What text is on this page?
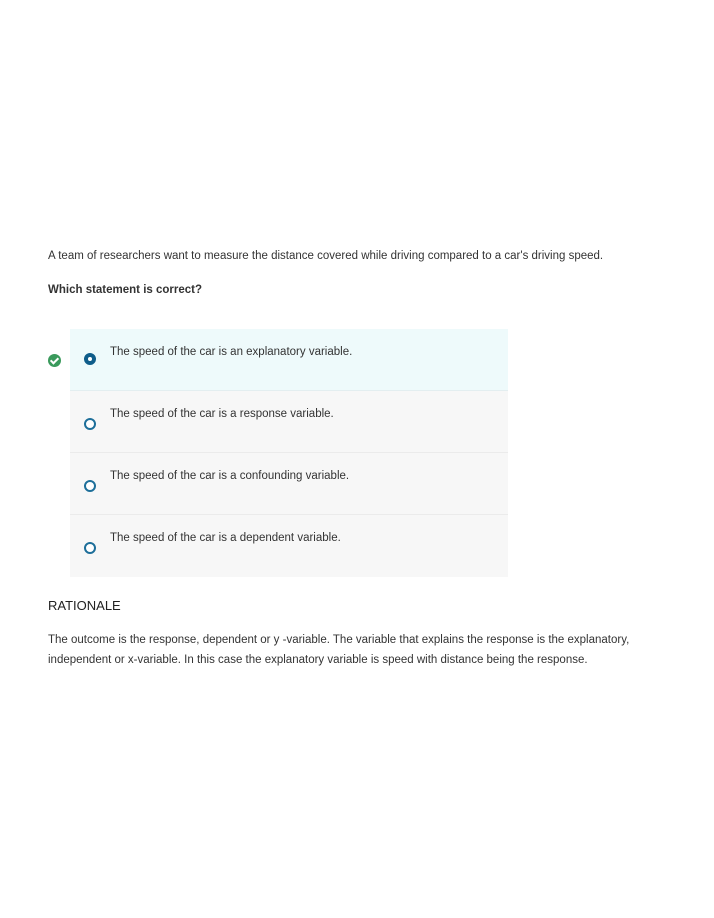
A team of researchers want to measure the distance covered while driving compared to a car's driving speed.
Which statement is correct?
The speed of the car is an explanatory variable.
The speed of the car is a response variable.
The speed of the car is a confounding variable.
The speed of the car is a dependent variable.
RATIONALE
The outcome is the response, dependent or y -variable. The variable that explains the response is the explanatory, independent or x-variable. In this case the explanatory variable is speed with distance being the response.
